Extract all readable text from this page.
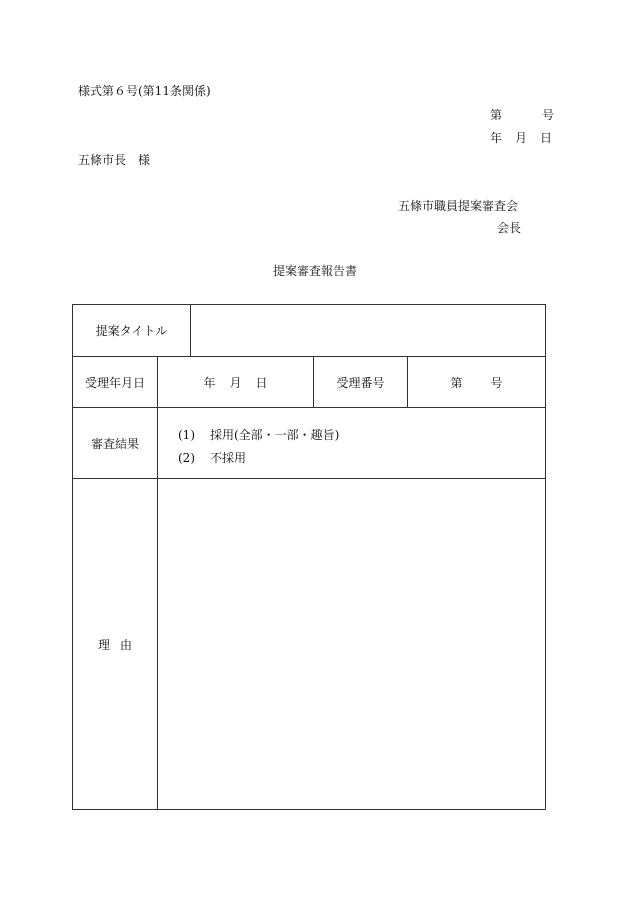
様式第６号(第11条関係)
第	号
年 月 日
五條市長　様
五條市職員提案審査会
会長
提案審査報告書
提案タイトル				
受理年月日	年 月 日		受理番号	第 号
審査結果	(1) 採用(全部・一部・趣旨)
(2) 不採用			

理 由				
